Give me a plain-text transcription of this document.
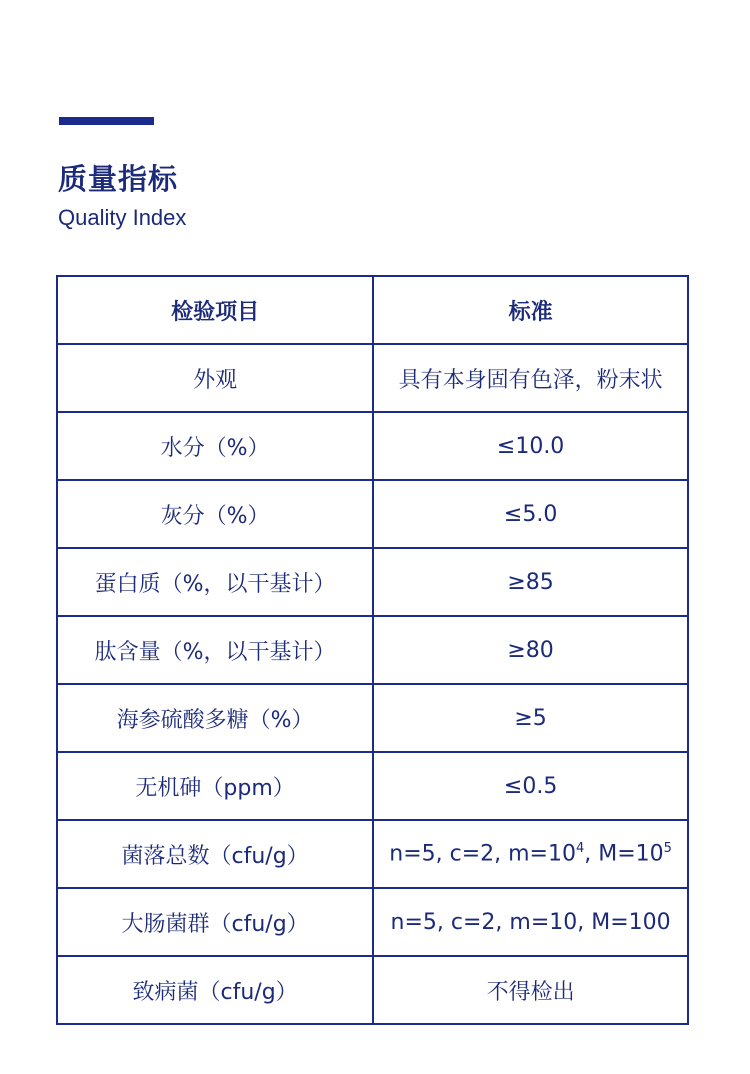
质量指标
Quality Index
检验项目	标准
外观	具有本身固有色泽，粉末状
水分（%）	≤10.0
灰分（%）	≤5.0
蛋白质（%，以干基计）	≥85
肽含量（%，以干基计）	≥80
海参硫酸多糖（%）	≥5
无机砷（ppm）	≤0.5
菌落总数（cfu/g）	n=5, c=2, $m=10^4$, $M=10^5$
大肠菌群（cfu/g）	n=5, c=2, m=10, M=100
致病菌（cfu/g）	不得检出
